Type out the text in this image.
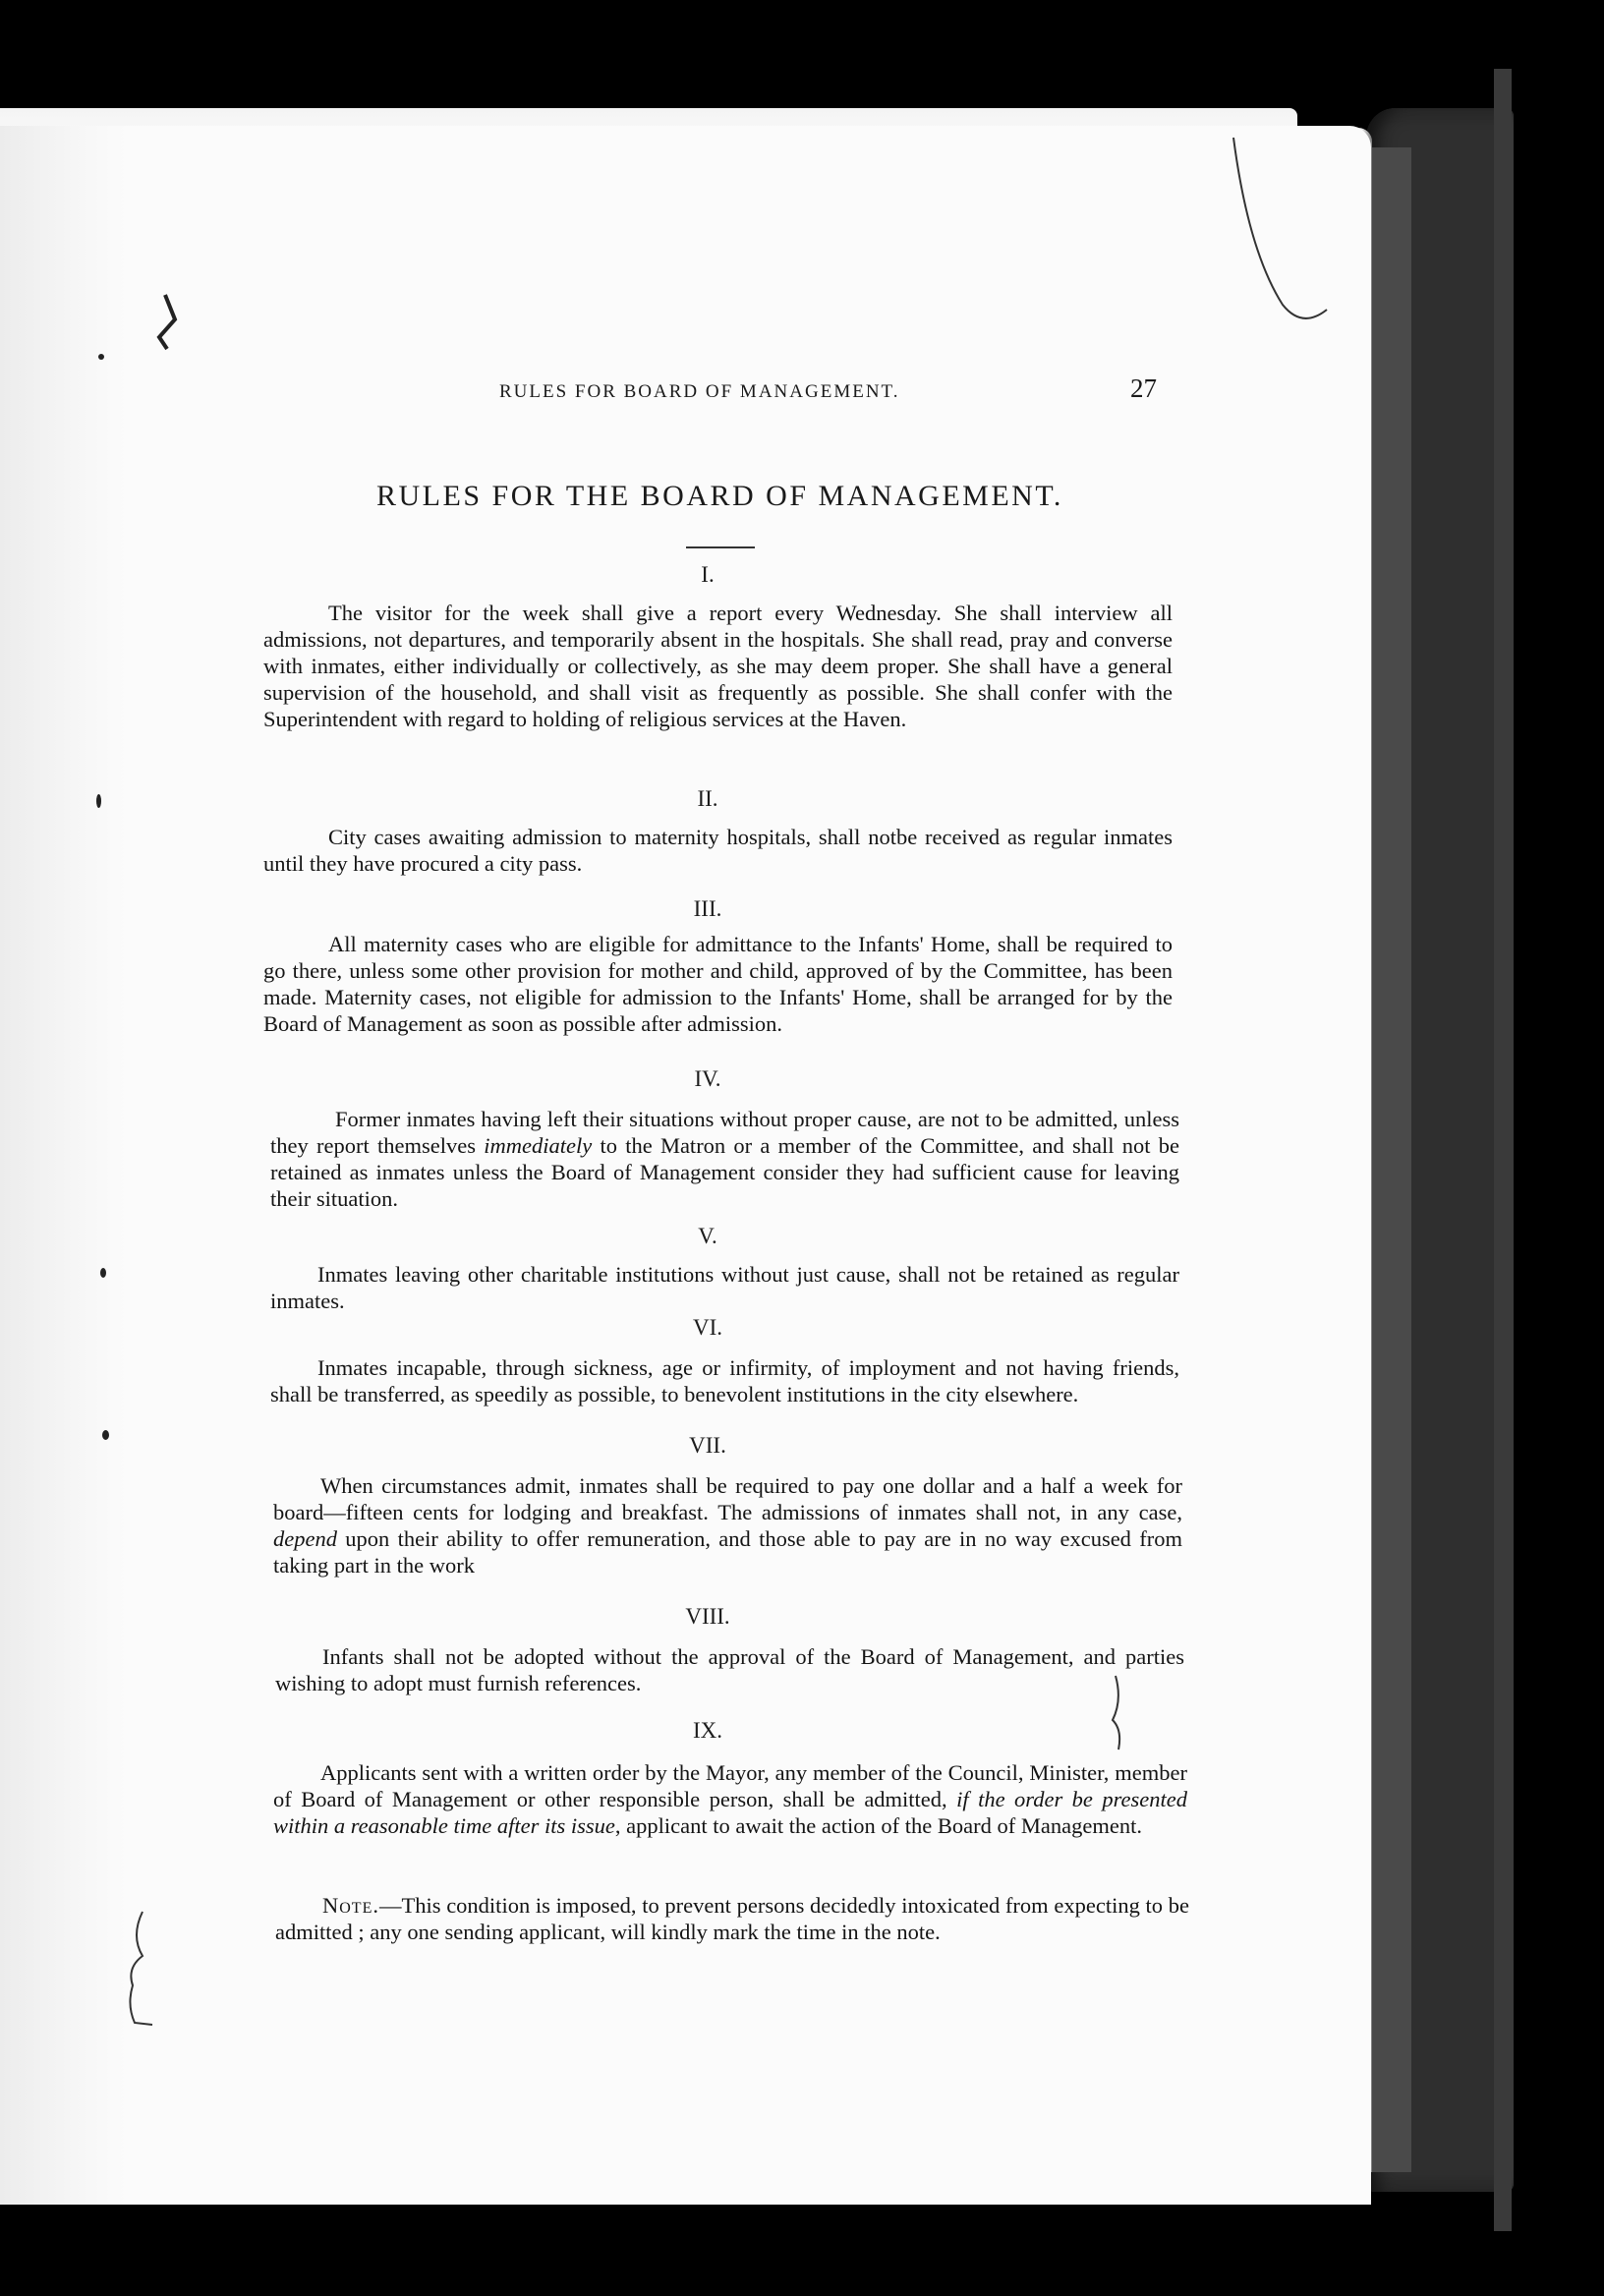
RULES FOR BOARD OF MANAGEMENT.	27
RULES FOR THE BOARD OF MANAGEMENT.
I.
The visitor for the week shall give a report every Wednesday. She shall interview all admissions, not departures, and temporarily absent in the hospitals. She shall read, pray and converse with inmates, either individually or collectively, as she may deem proper. She shall have a general supervision of the household, and shall visit as frequently as possible. She shall confer with the Superintendent with regard to holding of religious services at the Haven.
II.
City cases awaiting admission to maternity hospitals, shall notbe received as regular inmates until they have procured a city pass.
III.
All maternity cases who are eligible for admittance to the Infants' Home, shall be required to go there, unless some other provision for mother and child, approved of by the Committee, has been made. Maternity cases, not eligible for admission to the Infants' Home, shall be arranged for by the Board of Management as soon as possible after admission.
IV.
Former inmates having left their situations without proper cause, are not to be admitted, unless they report themselves immediately to the Matron or a member of the Committee, and shall not be retained as inmates unless the Board of Management consider they had sufficient cause for leaving their situation.
V.
Inmates leaving other charitable institutions without just cause, shall not be retained as regular inmates.
VI.
Inmates incapable, through sickness, age or infirmity, of imployment and not having friends, shall be transferred, as speedily as possible, to benevolent institutions in the city elsewhere.
VII.
When circumstances admit, inmates shall be required to pay one dollar and a half a week for board—fifteen cents for lodging and breakfast. The admissions of inmates shall not, in any case, depend upon their ability to offer remuneration, and those able to pay are in no way excused from taking part in the work
VIII.
Infants shall not be adopted without the approval of the Board of Management, and parties wishing to adopt must furnish references.
IX.
Applicants sent with a written order by the Mayor, any member of the Council, Minister, member of Board of Management or other responsible person, shall be admitted, if the order be presented within a reasonable time after its issue, applicant to await the action of the Board of Management.
Note.—This condition is imposed, to prevent persons decidedly intoxicated from expecting to be admitted ; any one sending applicant, will kindly mark the time in the note.
